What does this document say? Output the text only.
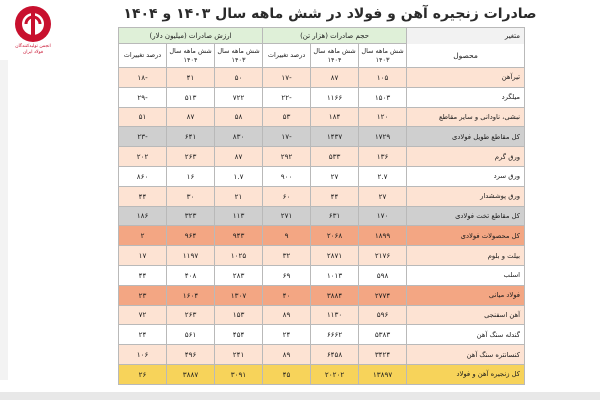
انجمن تولیدکنندگان
فولاد ایران
صادرات زنجیره آهن و فولاد در شش ماهه سال ۱۴۰۳ و ۱۴۰۴
متغیر	حجم صادرات (هزار تن)			ارزش صادرات (میلیون دلار)			
محصول	شش ماهه سال ۱۴۰۳	شش ماهه سال ۱۴۰۴	درصد تغییرات	شش ماهه سال ۱۴۰۳	شش ماهه سال ۱۴۰۴	درصد تغییرات	
تیرآهن	۱۰۵	۸۷	-۱۷	۵۰	۴۱	-۱۸	
میلگرد	۱۵۰۳	۱۱۶۶	-۲۲	۷۲۲	۵۱۳	-۲۹	
نبشی، ناودانی و سایر مقاطع	۱۲۰	۱۸۴	۵۳	۵۸	۸۷	۵۱	
کل مقاطع طویل فولادی	۱۷۲۹	۱۴۳۷	-۱۷	۸۳۰	۶۴۱	-۲۳	
ورق گرم	۱۳۶	۵۳۳	۲۹۲	۸۷	۲۶۳	۲۰۲	
ورق سرد	۲.۷	۲۷	۹۰۰	۱.۷	۱۶	۸۶۰	
ورق پوششدار	۲۷	۴۴	۶۰	۲۱	۳۰	۴۴	
کل مقاطع تخت فولادی	۱۷۰	۶۳۱	۲۷۱	۱۱۳	۳۲۳	۱۸۶	
کل محصولات فولادی	۱۸۹۹	۲۰۶۸	۹	۹۴۳	۹۶۴	۲	
بیلت و بلوم	۲۱۷۶	۲۸۷۱	۳۲	۱۰۲۵	۱۱۹۷	۱۷	
اسلب	۵۹۸	۱۰۱۳	۶۹	۲۸۳	۴۰۸	۴۴	
فولاد میانی	۲۷۷۴	۳۸۸۴	۴۰	۱۳۰۷	۱۶۰۴	۲۳	
آهن اسفنجی	۵۹۶	۱۱۳۰	۸۹	۱۵۳	۲۶۳	۷۲	
گندله سنگ آهن	۵۳۸۳	۶۶۶۲	۲۴	۴۵۴	۵۶۱	۲۴	
کنسانتره سنگ آهن	۳۴۲۴	۶۴۵۸	۸۹	۲۴۱	۴۹۶	۱۰۶	
کل زنجیره آهن و فولاد	۱۳۸۹۷	۲۰۲۰۲	۴۵	۳۰۹۱	۳۸۸۷	۲۶	
